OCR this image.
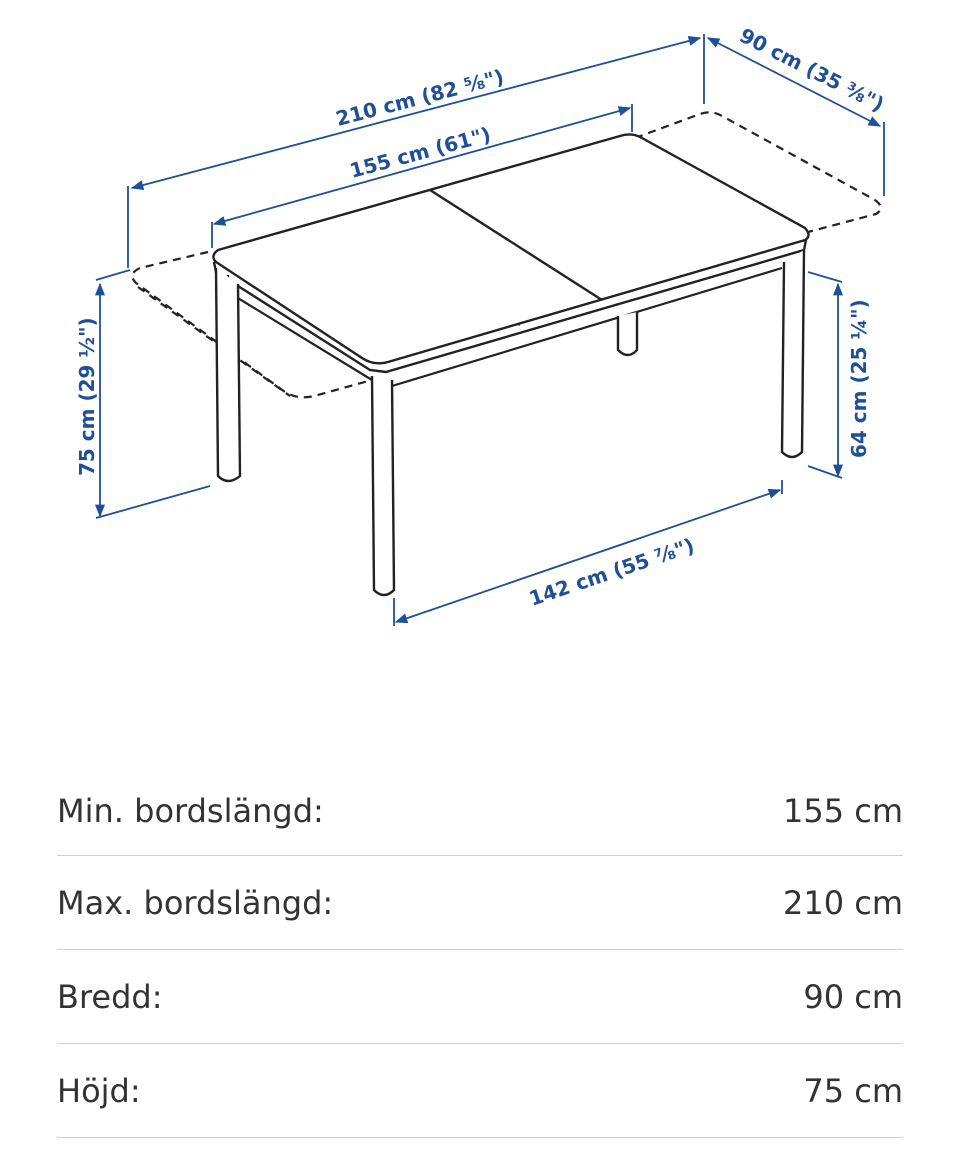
210 cm (82 ⅝")
155 cm (61")
90 cm (35 ⅜")
75 cm (29 ½")	64 cm (25 ¼")
142 cm (55 ⅞")
Min. bordslängd:	155 cm
Max. bordslängd:	210 cm
Bredd:	90 cm
Höjd:	75 cm
